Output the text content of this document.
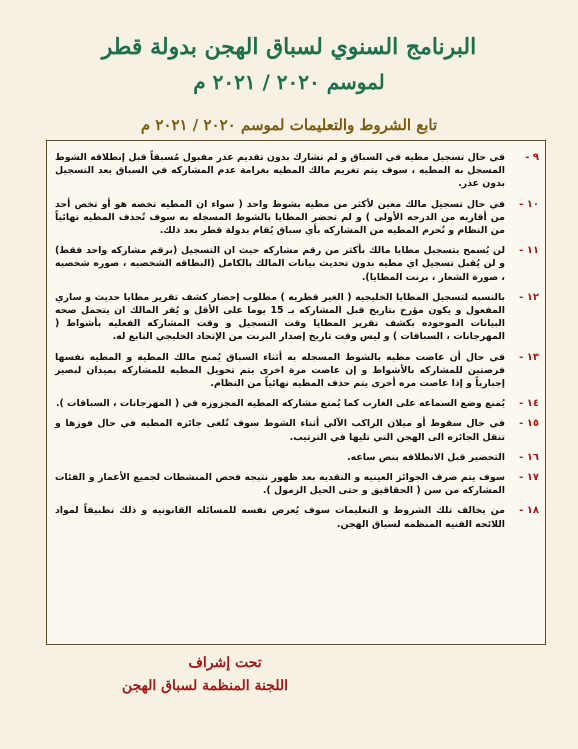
البرنامج السنوي لسباق الهجن بدولة قطر
لموسم ٢٠٢٠ / ٢٠٢١ م
تابع الشروط والتعليمات لموسم ٢٠٢٠ / ٢٠٢١ م
٩ -
في حال تسجيل مطيه في السباق و لم تشارك بدون تقديم عذر مقبول مُسبقاً قبل إنطلاقه الشوط المسجل به المطيه ، سوف يتم تغريم مالك المطيه بغرامة عدم المشاركه في السباق بعد التسجيل بدون عذر.
١٠ -
في حال تسجيل مالك معين لأكثر من مطيه بشوط واحد ( سواء ان المطيه تخصه هو أو تخص أحد من أقاربه من الدرجه الأولى ) و لم تحضر المطايا بالشوط المسجله به سوف تُحذف المطيه نهائياً من النظام و تُحرم المطيه من المشاركه بأي سباق يُقام بدولة قطر بعد ذلك.
١١ -
لن يُسمح بتسجيل مطايا مالك بأكثر من رقم مشاركه حيث ان التسجيل (برقم مشاركه واحد فقط) و لن يُقبل تسجيل اي مطيه بدون تحديث بيانات المالك بالكامل (البطاقه الشخصيه ، صوره شخصيه ، صورة الشعار ، برنت المطايا).
١٢ -
بالنسبه لتسجيل المطايا الخليجيه ( الغير قطريه ) مطلوب إحضار كشف تقرير مطايا حديث و ساري المفعول و يكون مؤرخ بتاريخ قبل المشاركه بـ 15 يوما على الأقل و يُقر المالك ان يتحمل صحه البيانات الموجوده بكشف تقرير المطايا وقت التسجيل و وقت المشاركه الفعليه بأشواط ( المهرجانات ، السباقات ) و ليس وقت تاريخ إصدار البرنت من الإتحاد الخليجي التابع له.
١٣ -
في حال أن عاصت مطيه بالشوط المسجله به أثناء السباق يُمنح مالك المطيه و المطيه نفسها فرصتين للمشاركه بالأشواط و إن عاصت مرة اخرى يتم تحويل المطيه للمشاركه بميدان لبصير إجبارياً و إذا عاصت مره أخرى يتم حذف المطيه نهائياً من النظام.
١٤ -
يُمنع وضع السماعه على الغارب كما يُمنع مشاركه المطيه المجزوزه في ( المهرجانات ، السباقات ).
١٥ -
في حال سقوط أو ميلان الراكب الآلي أثناء الشوط سوف تُلغى جائزه المطيه في حال فوزها و تنقل الجائزه الى الهجن التي تليها في الترتيب.
١٦ -
التحضير قبل الانطلاقه بنص ساعه.
١٧ -
سوف يتم صرف الجوائز العينيه و النقديه بعد ظهور نتيجه فحص المنشطات لجميع الأعمار و الفئات المشاركه من سن ( الحقاقيق و حتى الحيل الزمول ).
١٨ -
من يخالف تلك الشروط و التعليمات سوف يُعرض نفسه للمسائله القانونيه و ذلك تطبيقاً لمواد اللائحه الفنيه المنظمه لسباق الهجن.
تحت إشراف
اللجنة المنظمة لسباق الهجن
